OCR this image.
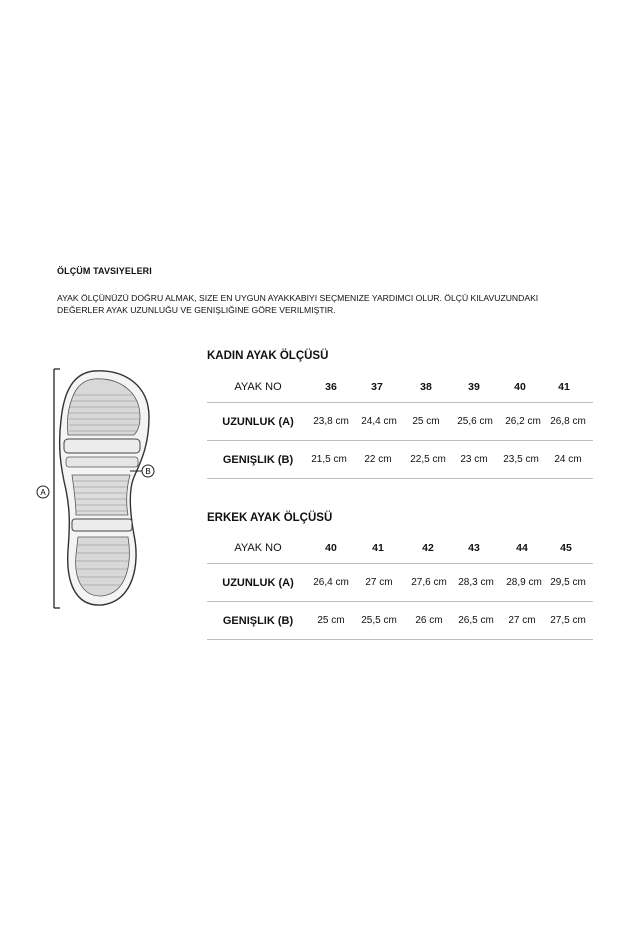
ÖLÇÜM TAVSIYELERI
AYAK ÖLÇÜNÜZÜ DOĞRU ALMAK, SIZE EN UYGUN AYAKKABIYI SEÇMENIZE YARDIMCI OLUR. ÖLÇÜ KILAVUZUNDAKI
DEĞERLER AYAK UZUNLUĞU VE GENIŞLIĞINE GÖRE VERILMIŞTIR.
A
B
KADIN AYAK ÖLÇÜSÜ
AYAK NO	36	37	38	39	40	41
UZUNLUK (A)	23,8 cm	24,4 cm	25 cm	25,6 cm	26,2 cm 26,8 cm
GENIŞLIK (B)	21,5 cm	22 cm	22,5 cm	23 cm	23,5 cm	24 cm
ERKEK AYAK ÖLÇÜSÜ
AYAK NO	40	41	42	43	44	45
UZUNLUK (A)	26,4 cm	27 cm	27,6 cm	28,3 cm	28,9 cm 29,5 cm
GENIŞLIK (B)	25 cm	25,5 cm	26 cm	26,5 cm	27 cm	27,5 cm
